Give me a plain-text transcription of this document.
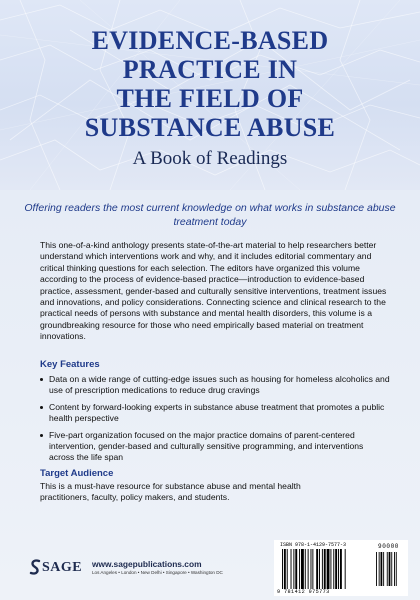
EVIDENCE-BASED
PRACTICE IN
THE FIELD OF
SUBSTANCE ABUSE
A Book of Readings
Offering readers the most current knowledge on what works in substance abuse treatment today

This one-of-a-kind anthology presents state-of-the-art material to help researchers better understand which interventions work and why, and it includes editorial commentary and critical thinking questions for each selection. The editors have organized this volume according to the process of evidence-based practice—introduction to evidence-based practice, assessment, gender-based and culturally sensitive interventions, treatment issues and innovations, and policy considerations. Connecting science and clinical research to the practical needs of persons with substance and mental health disorders, this volume is a groundbreaking resource for those who need empirically based material on treatment innovations.

Key Features
Data on a wide range of cutting-edge issues such as housing for homeless alcoholics and use of prescription medications to reduce drug cravings
Content by forward-looking experts in substance abuse treatment that promotes a public health perspective
Five-part organization focused on the major practice domains of parent-centered intervention, gender-based and culturally sensitive programming, and interventions across the life span
Target Audience

This is a must-have resource for substance abuse and mental health practitioners, faculty, policy makers, and students.

SAGE www.sagepublications.com
Los Angeles • London • New Delhi • Singapore • Washington DC
ISBN 978-1-4129-7577-3	90000
9 781412 975773
